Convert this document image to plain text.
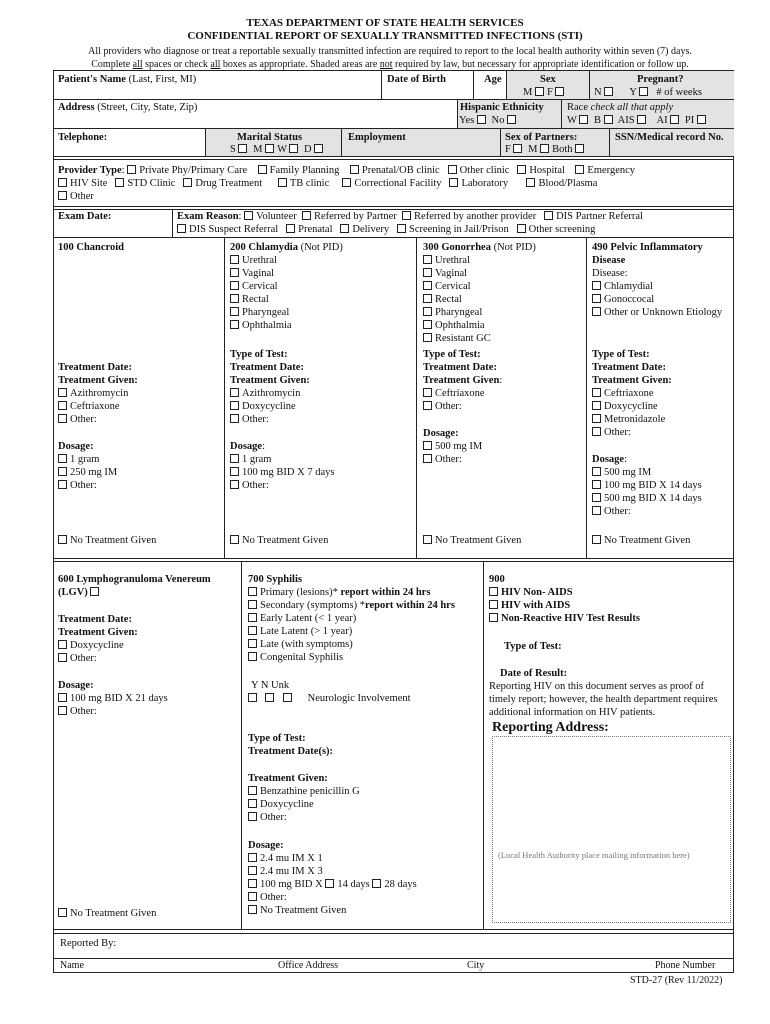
TEXAS DEPARTMENT OF STATE HEALTH SERVICES
CONFIDENTIAL REPORT OF SEXUALLY TRANSMITTED INFECTIONS (STI)
All providers who diagnose or treat a reportable sexually transmitted infection are required to report to the local health authority within seven (7) days.
Complete all spaces or check all boxes as appropriate. Shaded areas are not required by law, but necessary for appropriate identification or follow up.
Patient's Name (Last, First, MI)	Date of Birth	Age	Sex
M F
Pregnant?
N	Y # of weeks
Address (Street, City, State, Zip)	Hispanic Ethnicity
Yes No
Race check all that apply
W B AIS AI PI
Telephone:	Marital Status
S M W D
Employment	Sex of Partners:
F M Both
SSN/Medical record No.
Provider Type: Private Phy/Primary Care Family Planning Prenatal/OB clinic Other clinic Hospital Emergency
HIV Site STD Clinic Drug Treatment	TB clinic Correctional Facility Laboratory	Blood/Plasma
Other
Exam Date:	Exam Reason: Volunteer Referred by Partner Referred by another provider DIS Partner Referral
DIS Suspect Referral Prenatal Delivery Screening in Jail/Prison Other screening
100 Chancroid
Treatment Date:
Treatment Given:
Azithromycin
Ceftriaxone
Other:
Dosage:
1 gram
250 mg IM
Other:
No Treatment Given
200 Chlamydia (Not PID)
Urethral
Vaginal
Cervical
Rectal
Pharyngeal
Ophthalmia
Type of Test:
Treatment Date:
Treatment Given:
Azithromycin
Doxycycline
Other:
Dosage:
1 gram
100 mg BID X 7 days
Other:
No Treatment Given
300 Gonorrhea (Not PID)
Urethral
Vaginal
Cervical
Rectal
Pharyngeal
Ophthalmia
Resistant GC
Type of Test:
Treatment Date:
Treatment Given:
Ceftriaxone
Other:
Dosage:
500 mg IM
Other:
No Treatment Given
490 Pelvic Inflammatory
Disease
Disease:
Chlamydial
Gonoccocal
Other or Unknown Etiology
Type of Test:
Treatment Date:
Treatment Given:
Ceftriaxone
Doxycycline
Metronidazole
Other:
Dosage:
500 mg IM
100 mg BID X 14 days
500 mg BID X 14 days
Other:
No Treatment Given
600 Lymphogranuloma Venereum
(LGV)
Treatment Date:
Treatment Given:
Doxycycline
Other:
Dosage:
100 mg BID X 21 days
Other:
No Treatment Given
700 Syphilis
Primary (lesions)* report within 24 hrs
Secondary (symptoms) *report within 24 hrs
Early Latent (< 1 year)
Late Latent (> 1 year)
Late (with symptoms)
Congenital Syphilis
Y N Unk
Neurologic Involvement
Type of Test:
Treatment Date(s):
Treatment Given:
Benzathine penicillin G
Doxycycline
Other:
Dosage:
2.4 mu IM X 1
2.4 mu IM X 3
100 mg BID X 14 days 28 days
Other:
No Treatment Given
900
HIV Non- AIDS
HIV with AIDS
Non-Reactive HIV Test Results
Type of Test:
Date of Result:
Reporting HIV on this document serves as proof of
timely report; however, the health department requires
additional information on HIV patients.
Reporting Address:
(Local Health Authority place mailing information here)
Reported By:
Name	Office Address	City	Phone Number
STD-27 (Rev 11/2022)
